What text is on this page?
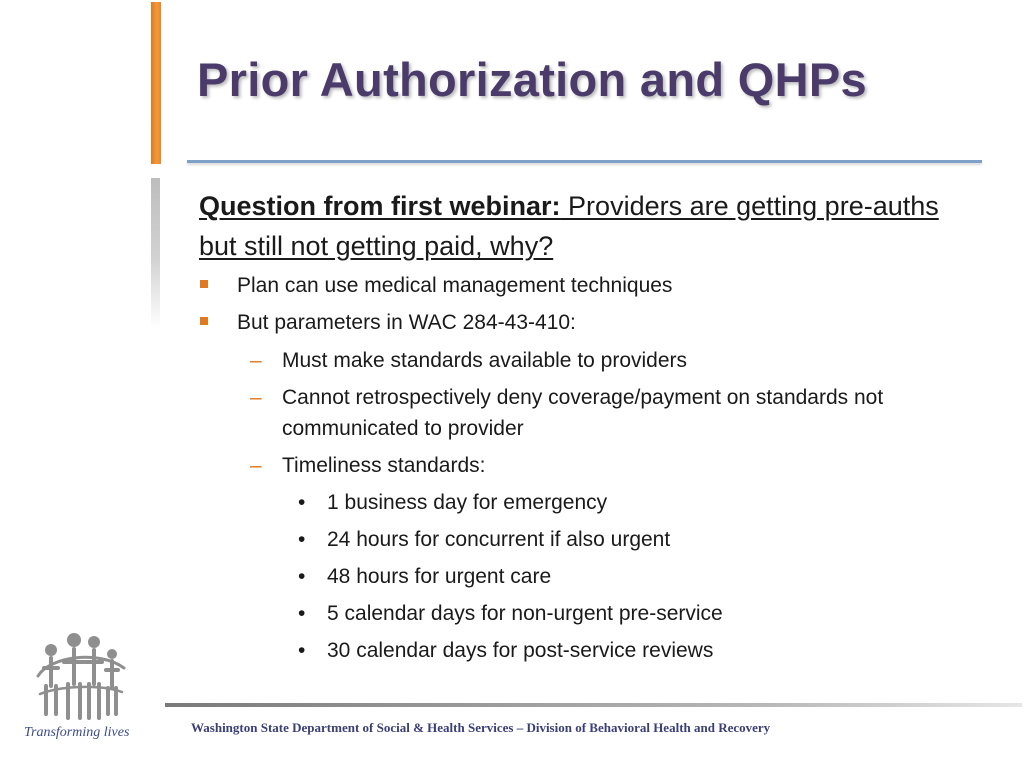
Prior Authorization and QHPs

Question from first webinar: Providers are getting pre-auths but still not getting paid, why?

Plan can use medical management techniques
But parameters in WAC 284-43-410:
– Must make standards available to providers
– Cannot retrospectively deny coverage/payment on standards not communicated to provider
– Timeliness standards:
• 1 business day for emergency
• 24 hours for concurrent if also urgent
• 48 hours for urgent care
• 5 calendar days for non-urgent pre-service
• 30 calendar days for post-service reviews
Washington State Department of Social & Health Services – Division of Behavioral Health and Recovery
Transforming lives
